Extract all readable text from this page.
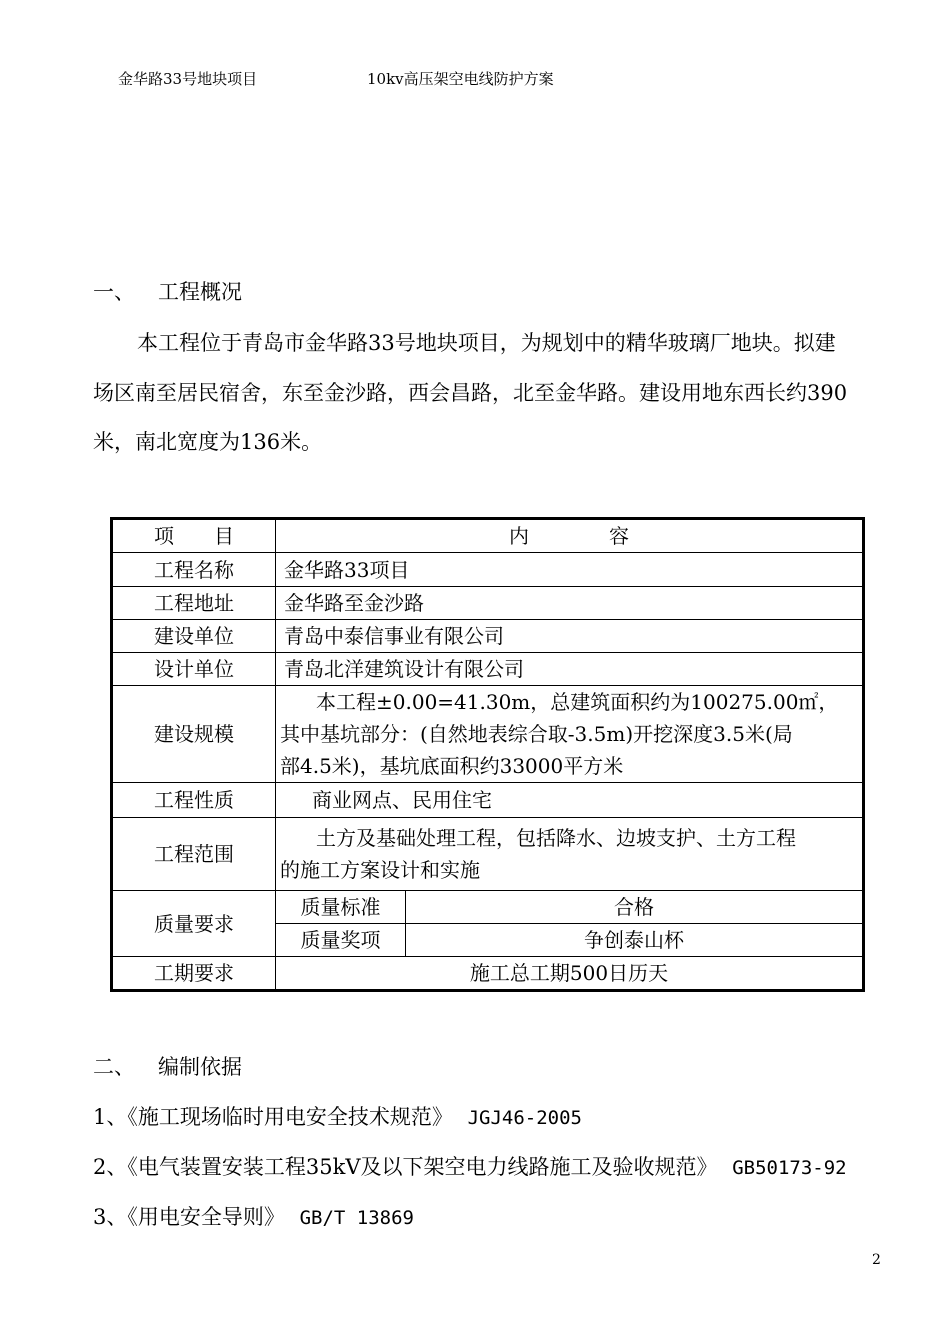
金华路33号地块项目	10kv高压架空电线防护方案
一、 工程概况
本工程位于青岛市金华路33号地块项目，为规划中的精华玻璃厂地块。拟建
场区南至居民宿舍，东至金沙路，西会昌路，北至金华路。建设用地东西长约390
米，南北宽度为136米。
项　　目	内　　　　容	
工程名称	金华路33项目	
工程地址	金华路至金沙路	
建设单位	青岛中泰信事业有限公司	
设计单位	青岛北洋建筑设计有限公司	
建设规模	本工程±0.00=41.30m，总建筑面积约为100275.00㎡，
其中基坑部分：(自然地表综合取-3.5m)开挖深度3.5米(局
部4.5米)，基坑底面积约33000平方米	

工程性质	商业网点、民用住宅	
工程范围	土方及基础处理工程，包括降水、边坡支护、土方工程
的施工方案设计和实施	

质量要求	质量标准	合格
	质量奖项	争创泰山杯
工期要求	施工总工期500日历天	
二、 编制依据
1、《施工现场临时用电安全技术规范》 JGJ46-2005
2、《电气装置安装工程35kV及以下架空电力线路施工及验收规范》 GB50173-92
3、《用电安全导则》 GB/T 13869
2
